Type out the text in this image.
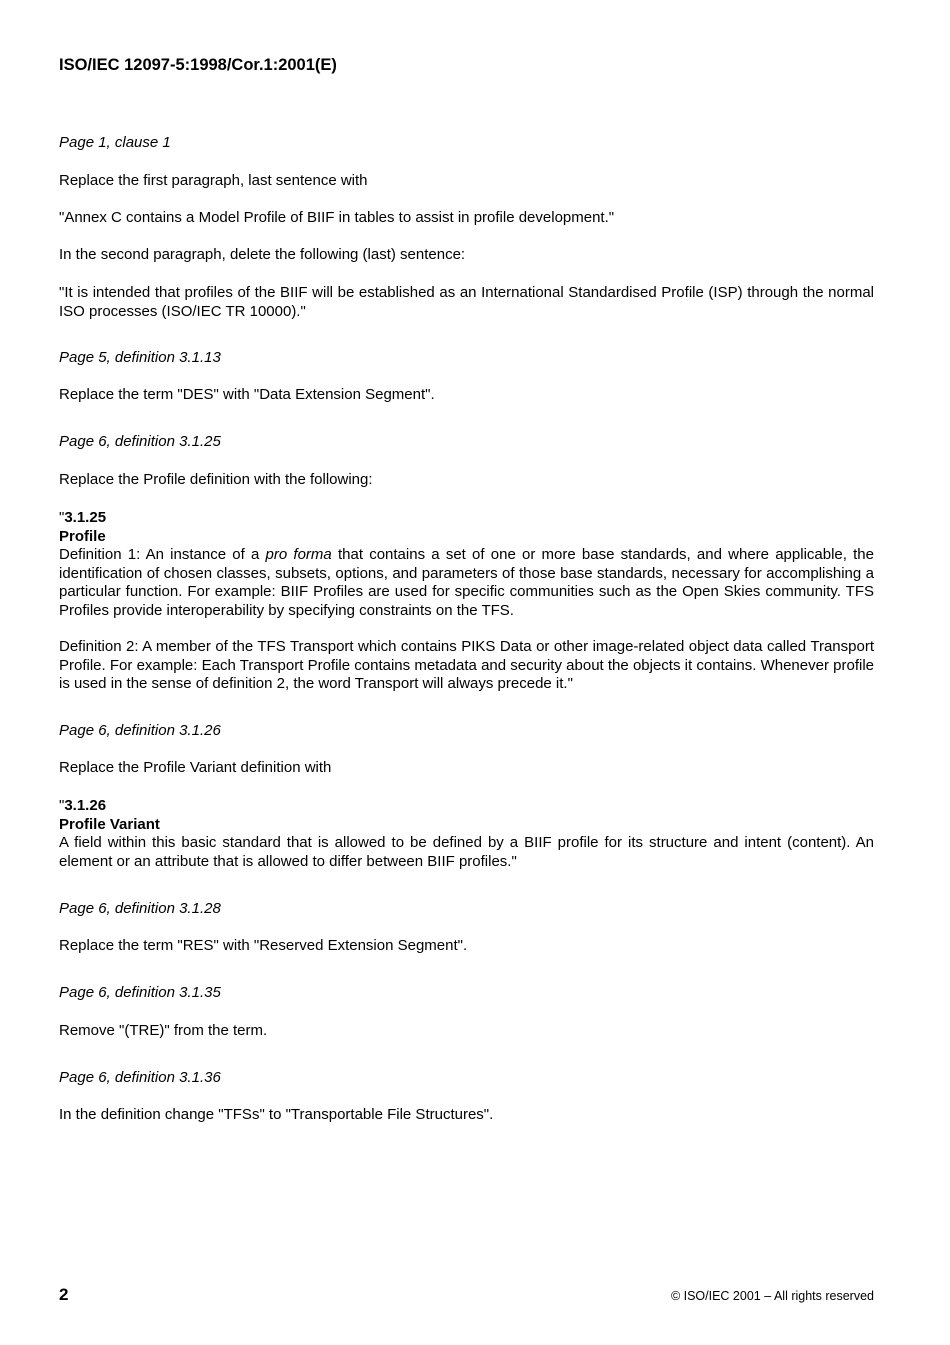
ISO/IEC 12097-5:1998/Cor.1:2001(E)
Page 1, clause 1
Replace the first paragraph, last sentence with
"Annex C contains a Model Profile of BIIF in tables to assist in profile development."
In the second paragraph, delete the following (last) sentence:
"It is intended that profiles of the BIIF will be established as an International Standardised Profile (ISP) through the normal ISO processes (ISO/IEC TR 10000)."
Page 5, definition 3.1.13
Replace the term "DES" with "Data Extension Segment".
Page 6, definition 3.1.25
Replace the Profile definition with the following:
"3.1.25
Profile
Definition 1: An instance of a pro forma that contains a set of one or more base standards, and where applicable, the identification of chosen classes, subsets, options, and parameters of those base standards, necessary for accomplishing a particular function. For example: BIIF Profiles are used for specific communities such as the Open Skies community. TFS Profiles provide interoperability by specifying constraints on the TFS.
Definition 2: A member of the TFS Transport which contains PIKS Data or other image-related object data called Transport Profile. For example: Each Transport Profile contains metadata and security about the objects it contains. Whenever profile is used in the sense of definition 2, the word Transport will always precede it."
Page 6, definition 3.1.26
Replace the Profile Variant definition with
"3.1.26
Profile Variant
A field within this basic standard that is allowed to be defined by a BIIF profile for its structure and intent (content). An element or an attribute that is allowed to differ between BIIF profiles."
Page 6, definition 3.1.28
Replace the term "RES" with "Reserved Extension Segment".
Page 6, definition 3.1.35
Remove "(TRE)" from the term.
Page 6, definition 3.1.36
In the definition change "TFSs" to "Transportable File Structures".
2	© ISO/IEC 2001 – All rights reserved
